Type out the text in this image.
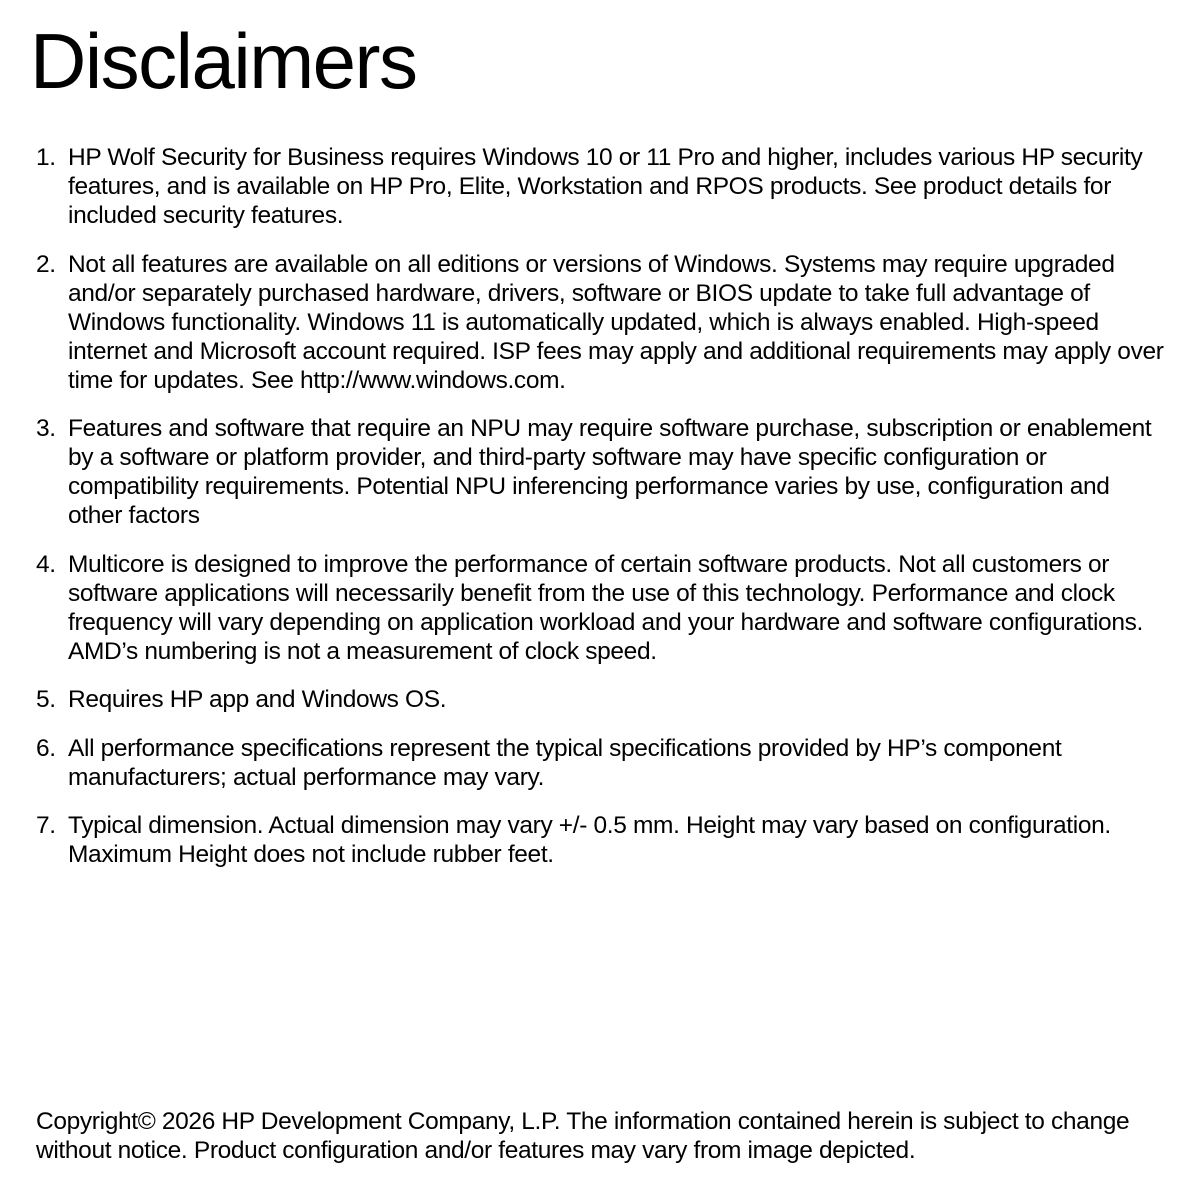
Disclaimers
1. HP Wolf Security for Business requires Windows 10 or 11 Pro and higher, includes various HP security features, and is available on HP Pro, Elite, Workstation and RPOS products. See product details for included security features.
2. Not all features are available on all editions or versions of Windows. Systems may require upgraded and/or separately purchased hardware, drivers, software or BIOS update to take full advantage of Windows functionality. Windows 11 is automatically updated, which is always enabled. High-speed internet and Microsoft account required. ISP fees may apply and additional requirements may apply over time for updates. See http://www.windows.com.
3. Features and software that require an NPU may require software purchase, subscription or enablement by a software or platform provider, and third-party software may have specific configuration or compatibility requirements. Potential NPU inferencing performance varies by use, configuration and other factors
4. Multicore is designed to improve the performance of certain software products. Not all customers or software applications will necessarily benefit from the use of this technology. Performance and clock frequency will vary depending on application workload and your hardware and software configurations. AMD’s numbering is not a measurement of clock speed.
5. Requires HP app and Windows OS.
6. All performance specifications represent the typical specifications provided by HP’s component manufacturers; actual performance may vary.
7. Typical dimension. Actual dimension may vary +/- 0.5 mm. Height may vary based on configuration. Maximum Height does not include rubber feet.

Copyright© 2026 HP Development Company, L.P. The information contained herein is subject to change without notice. Product configuration and/or features may vary from image depicted.
